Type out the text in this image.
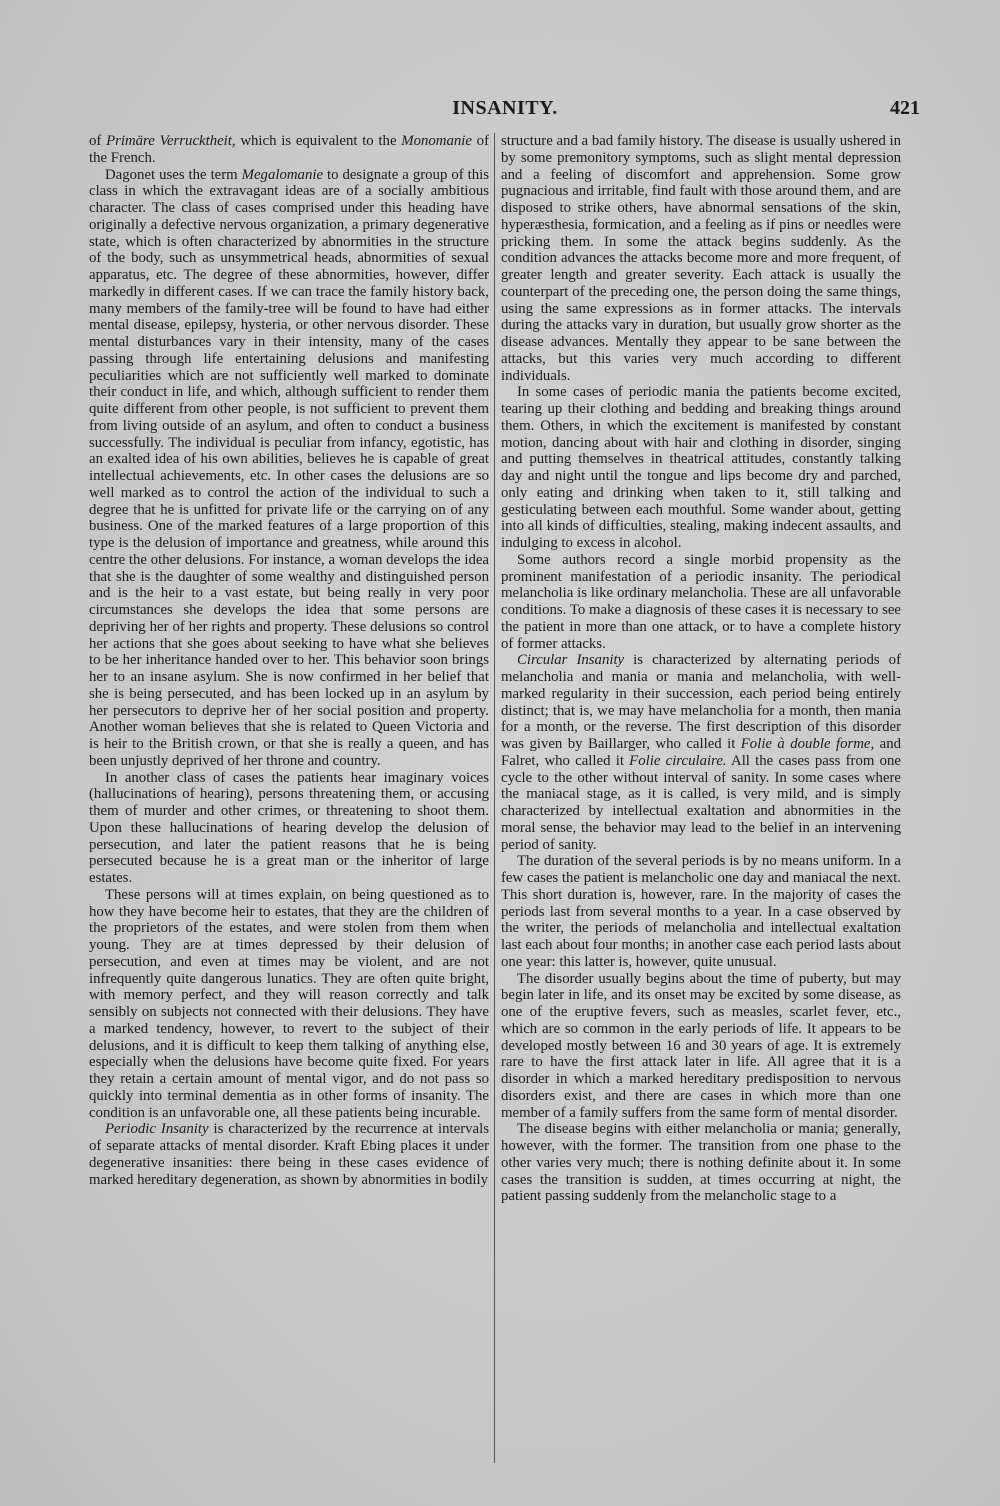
INSANITY.	421

of Primäre Verrucktheit, which is equivalent to the Monomanie of the French.

Dagonet uses the term Megalomanie to designate a group of this class in which the extravagant ideas are of a socially ambitious character. The class of cases comprised under this heading have originally a defective nervous organization, a primary degenerative state, which is often characterized by abnormities in the structure of the body, such as unsymmetrical heads, abnormities of sexual apparatus, etc. The degree of these abnormities, however, differ markedly in different cases. If we can trace the family history back, many members of the family-tree will be found to have had either mental disease, epilepsy, hysteria, or other nervous disorder. These mental disturbances vary in their intensity, many of the cases passing through life entertaining delusions and manifesting peculiarities which are not sufficiently well marked to dominate their conduct in life, and which, although sufficient to render them quite different from other people, is not sufficient to prevent them from living outside of an asylum, and often to conduct a business successfully. The individual is peculiar from infancy, egotistic, has an exalted idea of his own abilities, believes he is capable of great intellectual achievements, etc. In other cases the delusions are so well marked as to control the action of the individual to such a degree that he is unfitted for private life or the carrying on of any business. One of the marked features of a large proportion of this type is the delusion of importance and greatness, while around this centre the other delusions. For instance, a woman develops the idea that she is the daughter of some wealthy and distinguished person and is the heir to a vast estate, but being really in very poor circumstances she develops the idea that some persons are depriving her of her rights and property. These delusions so control her actions that she goes about seeking to have what she believes to be her inheritance handed over to her. This behavior soon brings her to an insane asylum. She is now confirmed in her belief that she is being persecuted, and has been locked up in an asylum by her persecutors to deprive her of her social position and property. Another woman believes that she is related to Queen Victoria and is heir to the British crown, or that she is really a queen, and has been unjustly deprived of her throne and country.

In another class of cases the patients hear imaginary voices (hallucinations of hearing), persons threatening them, or accusing them of murder and other crimes, or threatening to shoot them. Upon these hallucinations of hearing develop the delusion of persecution, and later the patient reasons that he is being persecuted because he is a great man or the inheritor of large estates.

These persons will at times explain, on being questioned as to how they have become heir to estates, that they are the children of the proprietors of the estates, and were stolen from them when young. They are at times depressed by their delusion of persecution, and even at times may be violent, and are not infrequently quite dangerous lunatics. They are often quite bright, with memory perfect, and they will reason correctly and talk sensibly on subjects not connected with their delusions. They have a marked tendency, however, to revert to the subject of their delusions, and it is difficult to keep them talking of anything else, especially when the delusions have become quite fixed. For years they retain a certain amount of mental vigor, and do not pass so quickly into terminal dementia as in other forms of insanity. The condition is an unfavorable one, all these patients being incurable.

Periodic Insanity is characterized by the recurrence at intervals of separate attacks of mental disorder. Kraft Ebing places it under degenerative insanities: there being in these cases evidence of marked hereditary degeneration, as shown by abnormities in bodily

structure and a bad family history. The disease is usually ushered in by some premonitory symptoms, such as slight mental depression and a feeling of discomfort and apprehension. Some grow pugnacious and irritable, find fault with those around them, and are disposed to strike others, have abnormal sensations of the skin, hyperæsthesia, formication, and a feeling as if pins or needles were pricking them. In some the attack begins suddenly. As the condition advances the attacks become more and more frequent, of greater length and greater severity. Each attack is usually the counterpart of the preceding one, the person doing the same things, using the same expressions as in former attacks. The intervals during the attacks vary in duration, but usually grow shorter as the disease advances. Mentally they appear to be sane between the attacks, but this varies very much according to different individuals.

In some cases of periodic mania the patients become excited, tearing up their clothing and bedding and breaking things around them. Others, in which the excitement is manifested by constant motion, dancing about with hair and clothing in disorder, singing and putting themselves in theatrical attitudes, constantly talking day and night until the tongue and lips become dry and parched, only eating and drinking when taken to it, still talking and gesticulating between each mouthful. Some wander about, getting into all kinds of difficulties, stealing, making indecent assaults, and indulging to excess in alcohol.

Some authors record a single morbid propensity as the prominent manifestation of a periodic insanity. The periodical melancholia is like ordinary melancholia. These are all unfavorable conditions. To make a diagnosis of these cases it is necessary to see the patient in more than one attack, or to have a complete history of former attacks.

Circular Insanity is characterized by alternating periods of melancholia and mania or mania and melancholia, with well-marked regularity in their succession, each period being entirely distinct; that is, we may have melancholia for a month, then mania for a month, or the reverse. The first description of this disorder was given by Baillarger, who called it Folie à double forme, and Falret, who called it Folie circulaire. All the cases pass from one cycle to the other without interval of sanity. In some cases where the maniacal stage, as it is called, is very mild, and is simply characterized by intellectual exaltation and abnormities in the moral sense, the behavior may lead to the belief in an intervening period of sanity.

The duration of the several periods is by no means uniform. In a few cases the patient is melancholic one day and maniacal the next. This short duration is, however, rare. In the majority of cases the periods last from several months to a year. In a case observed by the writer, the periods of melancholia and intellectual exaltation last each about four months; in another case each period lasts about one year: this latter is, however, quite unusual.

The disorder usually begins about the time of puberty, but may begin later in life, and its onset may be excited by some disease, as one of the eruptive fevers, such as measles, scarlet fever, etc., which are so common in the early periods of life. It appears to be developed mostly between 16 and 30 years of age. It is extremely rare to have the first attack later in life. All agree that it is a disorder in which a marked hereditary predisposition to nervous disorders exist, and there are cases in which more than one member of a family suffers from the same form of mental disorder.

The disease begins with either melancholia or mania; generally, however, with the former. The transition from one phase to the other varies very much; there is nothing definite about it. In some cases the transition is sudden, at times occurring at night, the patient passing suddenly from the melancholic stage to a
